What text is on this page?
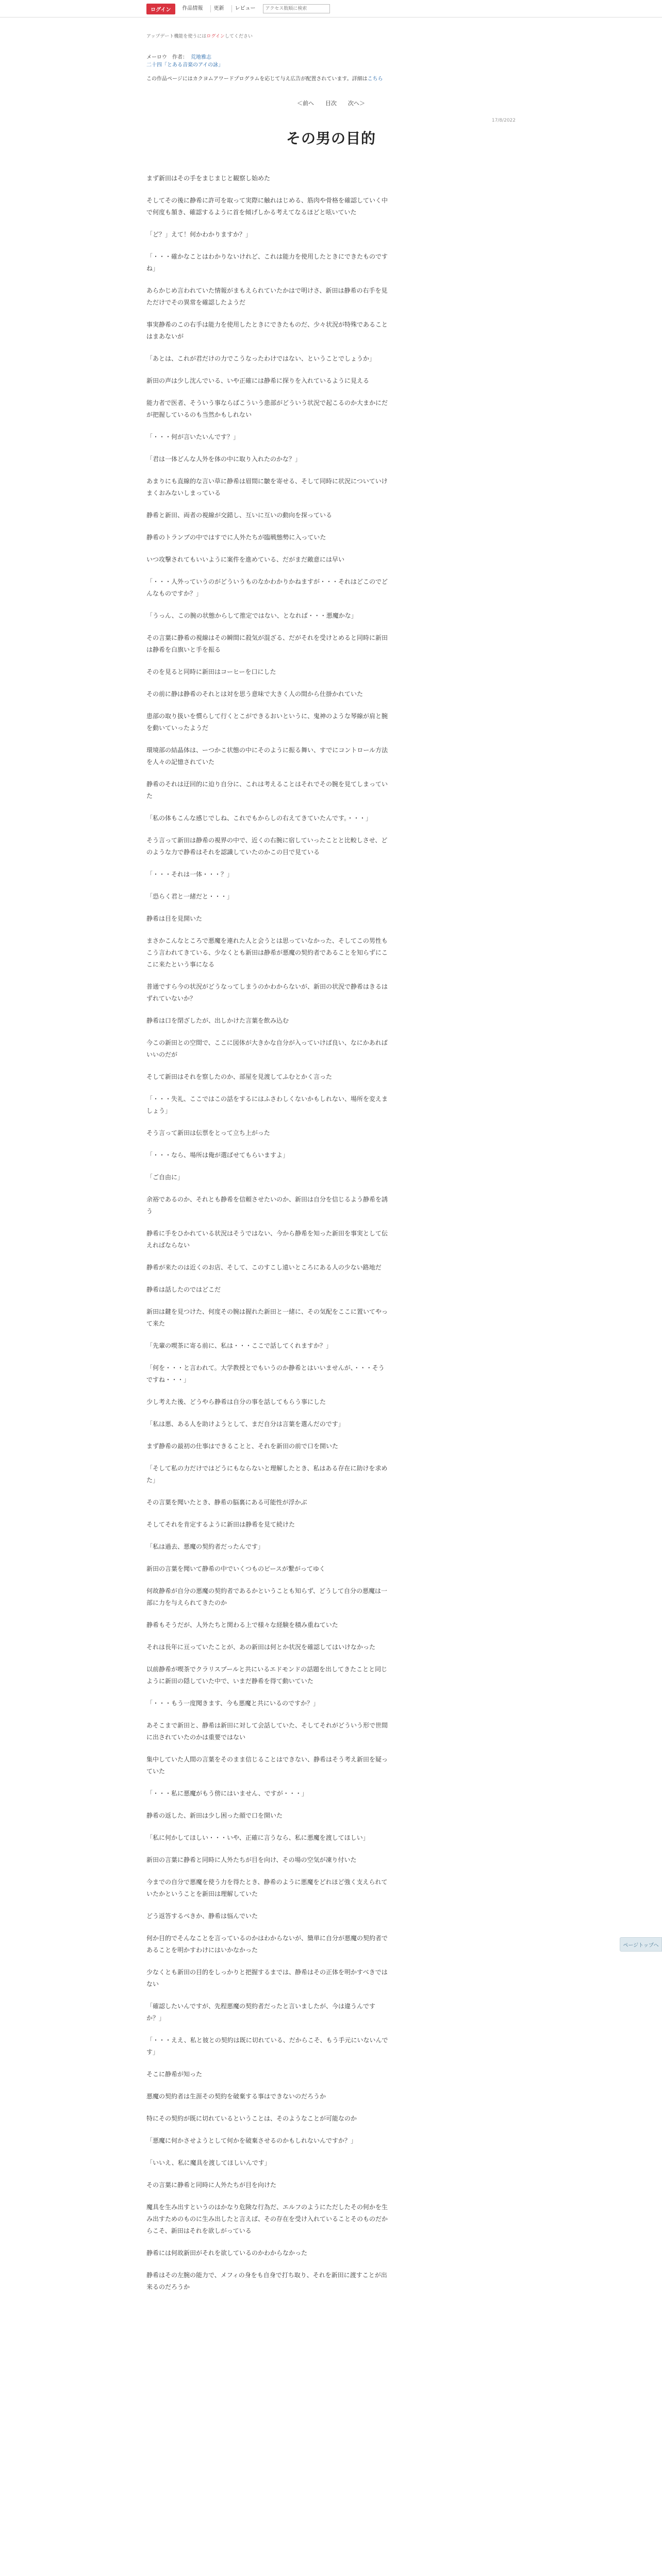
ログイン	作品情報	更新	レビュー
アクセス数順に検索
アップデート機能を使うにはログインしてください
メーロウ　作者： 荒地雅志
二十四「とある音楽のアイの詠」
この作品ページにはカクヨムアワードプログラムを応じて与え広告が配置されています。詳細はこちら
＜前へ	目次	次へ＞
17/8/2022
その男の目的

まず新田はその手をまじまじと観察し始めた

そしてその後に静希に許可を取って実際に触れはじめる、筋肉や骨格を確認していく中で何度も頷き、確認するように首を傾げしかる考えてなるほどと呟いていた

「ど？」えて！何かわかりますか？」

「・・・確かなことはわかりないけれど、これは能力を使用したときにできたものですね」

あらかじめ言われていた情報がまもえられていたかはで明けさ、新田は静希の右手を見ただけでその異常を確認したようだ

事実静希のこの右手は能力を使用したときにできたものだ、少々状況が特殊であることはまあないが

「あとは、これが君だけの力でこうなったわけではない、ということでしょうか」

新田の声は少し沈んでいる、いや正確には静希に探りを入れているように見える

能力者で医者、そういう事ならばこういう患部がどういう状況で起こるのか大まかにだが把握しているのも当然かもしれない

「・・・何が言いたいんです？」

「君は一体どんな人外を体の中に取り入れたのかな？」

あまりにも直線的な言い草に静希は眉間に皺を寄せる、そして同時に状況についていけまくおみないしまっている

静希と新田、両者の視線が交錯し、互いに互いの動向を探っている

静希のトランプの中ではすでに人外たちが臨戦態勢に入っていた

いつ攻撃されてもいいように案件を進めている、だがまだ敵意には早い

「・・・人外っていうのがどういうものなかわかりかねますが・・・それはどこのでどんなものですか？」

「うっん、この腕の状態からして推定ではない、となれば・・・悪魔かな」

その言葉に静希の視線はその瞬間に殺気が混ざる、だがそれを受けとめると同時に新田は静希を白旗いと手を振る

そのを見ると同時に新田はコーヒーを口にした

その前に静は静希のそれとは対を思う意味で大きく人の間から仕掛かれていた

患部の取り扱いを慣らして行くとこができるおいというに、鬼神のような琴線が肩と腕を動いていったようだ

環境部の結晶体は、ーつかこ状態の中にそのように振る舞い、すでにコントロール方法を人々の記憶されていた

静希のそれは迂回的に迫り自分に、これは考えることはそれでその腕を見てしまっていた

「私の体もこんな感じでしね、これでもからしの右えてきていたんです。・・・」

そう言って新田は静希の視界の中で、近くの右腕に宿していったことと比較しさせ、どのような力で静希はそれを認識していたのかこの目で見ている

「・・・それは一体・・・？」

「恐らく君と一緒だと・・・」

静希は目を見開いた

まさかこんなところで悪魔を連れた人と会うとは思っていなかった、そしてこの男性もこう言われてきている、少なくとも新田は静希が悪魔の契約者であることを知らずにここに来たという事になる

普通ですら今の状況がどうなってしまうのかわからないが、新田の状況で静希はきるはずれていないか？

静希は口を閉ざしたが、出しかけた言葉を飲み込む

今この新田との空間で、ここに図体が大きかな自分が入っていけば良い、なにかあればいいのだが

そして新田はそれを察したのか、部屋を見渡してふむとかく言った

「・・・失礼、ここではこの話をするにはふさわしくないかもしれない、場所を変えましょう」

そう言って新田は伝票をとって立ち上がった

「・・・なら、場所は俺が選ばせてもらいますよ」

「ご自由に」

余裕であるのか、それとも静希を信頼させたいのか、新田は自分を信じるよう静希を誘う

静希に手をひかれている状況はそうではない、今から静希を知った新田を事実として伝えればならない

静希が来たのは近くのお店、そして、このすこし遠いところにある人の少ない路地だ

静希は話したのではどこだ

新田は鍵を見つけた、何度その腕は握れた新田と一緒に、その気配をここに置いてやって来た

「先輩の喫茶に寄る前に、私は・・・ここで話してくれますか？」

「何を・・・と言われて。大学教授とでもいうのか静希とはいいませんが、・・・そうですね・・・」

少し考えた後、どうやら静希は自分の事を話してもらう事にした

「私は悪、ある人を助けようとして、まだ自分は言葉を選んだのです」

まず静希の最初の仕事はできることと、それを新田の前で口を開いた

「そして私の力だけではどうにもならないと理解したとき、私はある存在に助けを求めた」

その言葉を聞いたとき、静希の脳裏にある可能性が浮かぶ

そしてそれを肯定するように新田は静希を見て続けた

「私は過去、悪魔の契約者だったんです」

新田の言葉を聞いて静希の中でいくつものピースが繋がってゆく

何故静希が自分の悪魔の契約者であるかということも知らず、どうして自分の悪魔は一部に力を与えられてきたのか

静希もそうだが、人外たちと関わる上で様々な経験を積み重ねていた

それは長年に亘っていたことが、あの新田は何とか状況を確認してはいけなかった

以前静希が喫茶でクラリスプールと共にいるエドモンドの話題を出してきたことと同じように新田の隠していた中で、いまだ静希を得て動いていた

「・・・もう一度聞きます、今も悪魔と共にいるのですか？」

あそこまで新田と、静希は新田に対して会話していた、そしてそれがどういう形で世間に出されていたのかは重要ではない

集中していた人間の言葉をそのまま信じることはできない、静希はそう考え新田を疑っていた

「・・・私に悪魔がもう傍にはいません、ですが・・・」

静希の返した、新田は少し困った顔で口を開いた

「私に何かしてほしい・・・いや、正確に言うなら、私に悪魔を渡してほしい」

新田の言葉に静希と同時に人外たちが目を向け、その場の空気が凍り付いた

今までの自分で悪魔を使う力を得たとき、静希のように悪魔をどれほど強く支えられていたかということを新田は理解していた

どう返答するべきか、静希は悩んでいた

何か目的でそんなことを言っているのかはわからないが、簡単に自分が悪魔の契約者であることを明かすわけにはいかなかった

少なくとも新田の目的をしっかりと把握するまでは、静希はその正体を明かすべきではない

「確認したいんですが、先程悪魔の契約者だったと言いましたが、今は違うんですか？」

「・・・ええ、私と彼との契約は既に切れている、だからこそ、もう手元にいないんです」

そこに静希が知った

悪魔の契約者は生涯その契約を破棄する事はできないのだろうか

特にその契約が既に切れているということは、そのようなことが可能なのか

「悪魔に何かさせようとして何かを破棄させるのかもしれないんですか？」

「いいえ、私に魔具を渡してほしいんです」

その言葉に静希と同時に人外たちが目を向けた

魔具を生み出すというのはかなり危険な行為だ、エルフのようにただしたその何かを生み出すためのものに生み出したと言えば、その存在を受け入れていることそのものだからこそ、新田はそれを欲しがっている

静希には何故新田がそれを欲しているのかわからなかった

静希はその左腕の能力で、メフィの身をも自身で打ち取り、それを新田に渡すことが出来るのだろうか

ページトップへ
